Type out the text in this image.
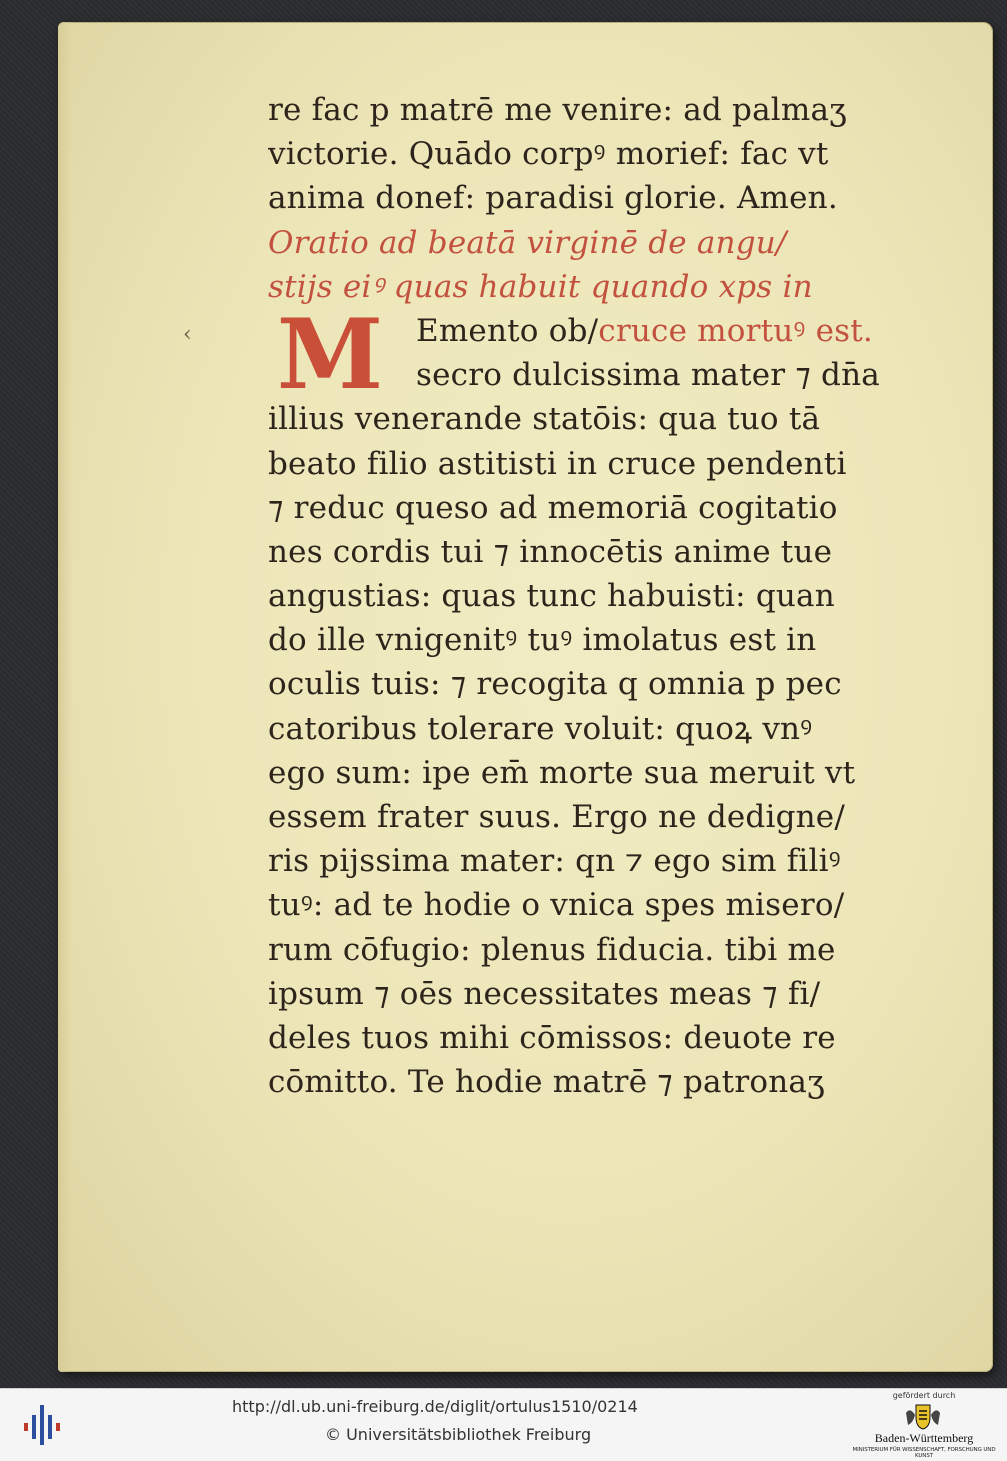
‹ M
re fac p matrē me venire: ad palmaʒ
victorie. Quādo corpꝰ morief: fac vt
anima donef: paradisi glorie. Amen.
Oratio ad beatā virginē de angu/
stijs eiꝰ quas habuit quando xps in
Emento ob/cruce mortuꝰ est.
secro dulcissima mater ⁊ dn̄a
illius venerande statōis: qua tuo tā
beato filio astitisti in cruce pendenti
⁊ reduc queso ad memoriā cogitatio
nes cordis tui ⁊ innocētis anime tue
angustias: quas tunc habuisti: quan
do ille vnigenitꝰ tuꝰ imolatus est in
oculis tuis: ⁊ recogita q omnia p pec
catoribus tolerare voluit: quoꝝ vnꝰ
ego sum: ipe em̄ morte sua meruit vt
essem frater suus. Ergo ne dedigne/
ris pijssima mater: qn ⁊ ego sim filiꝰ
tuꝰ: ad te hodie o vnica spes misero/
rum cōfugio: plenus fiducia. tibi me
ipsum ⁊ oēs necessitates meas ⁊ fi/
deles tuos mihi cōmissos: deuote re
cōmitto. Te hodie matrē ⁊ patronaʒ
http://dl.ub.uni-freiburg.de/diglit/ortulus1510/0214
© Universitätsbibliothek Freiburg
gefördert durch
Baden-Württemberg
MINISTERIUM FÜR WISSENSCHAFT, FORSCHUNG UND KUNST
